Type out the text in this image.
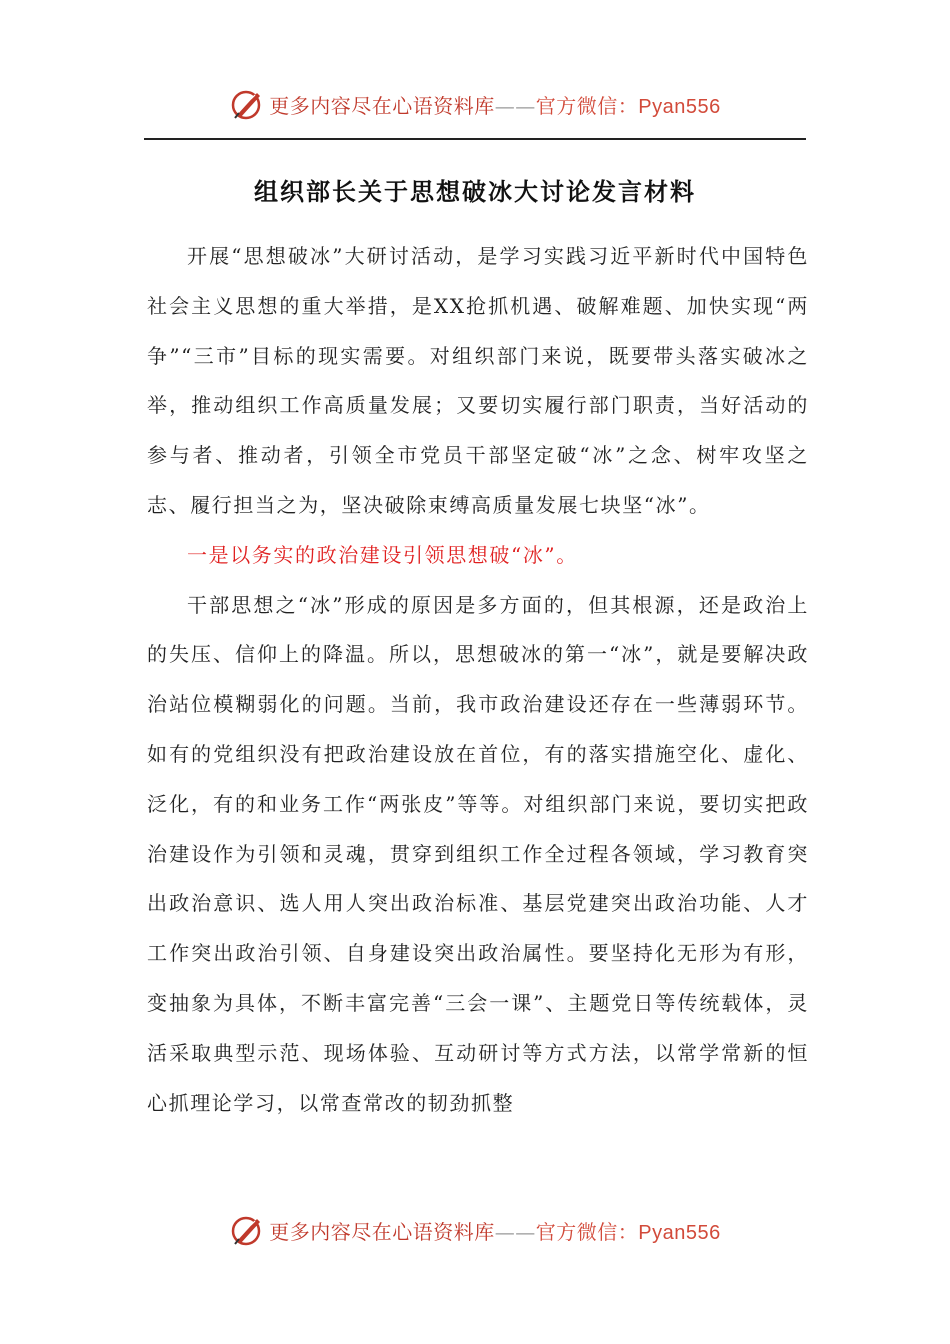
更多内容尽在心语资料库——官方微信：Pyan556
组织部长关于思想破冰大讨论发言材料

开展“思想破冰”大研讨活动，是学习实践习近平新时代中国特色社会主义思想的重大举措，是XX抢抓机遇、破解难题、加快实现“两争”“三市”目标的现实需要。对组织部门来说，既要带头落实破冰之举，推动组织工作高质量发展；又要切实履行部门职责，当好活动的参与者、推动者，引领全市党员干部坚定破“冰”之念、树牢攻坚之志、履行担当之为，坚决破除束缚高质量发展七块坚“冰”。

一是以务实的政治建设引领思想破“冰”。

干部思想之“冰”形成的原因是多方面的，但其根源，还是政治上的失压、信仰上的降温。所以，思想破冰的第一“冰”，就是要解决政治站位模糊弱化的问题。当前，我市政治建设还存在一些薄弱环节。如有的党组织没有把政治建设放在首位，有的落实措施空化、虚化、泛化，有的和业务工作“两张皮”等等。对组织部门来说，要切实把政治建设作为引领和灵魂，贯穿到组织工作全过程各领域，学习教育突出政治意识、选人用人突出政治标准、基层党建突出政治功能、人才工作突出政治引领、自身建设突出政治属性。要坚持化无形为有形，变抽象为具体，不断丰富完善“三会一课”、主题党日等传统载体，灵活采取典型示范、现场体验、互动研讨等方式方法，以常学常新的恒心抓理论学习，以常查常改的韧劲抓整

更多内容尽在心语资料库——官方微信：Pyan556
